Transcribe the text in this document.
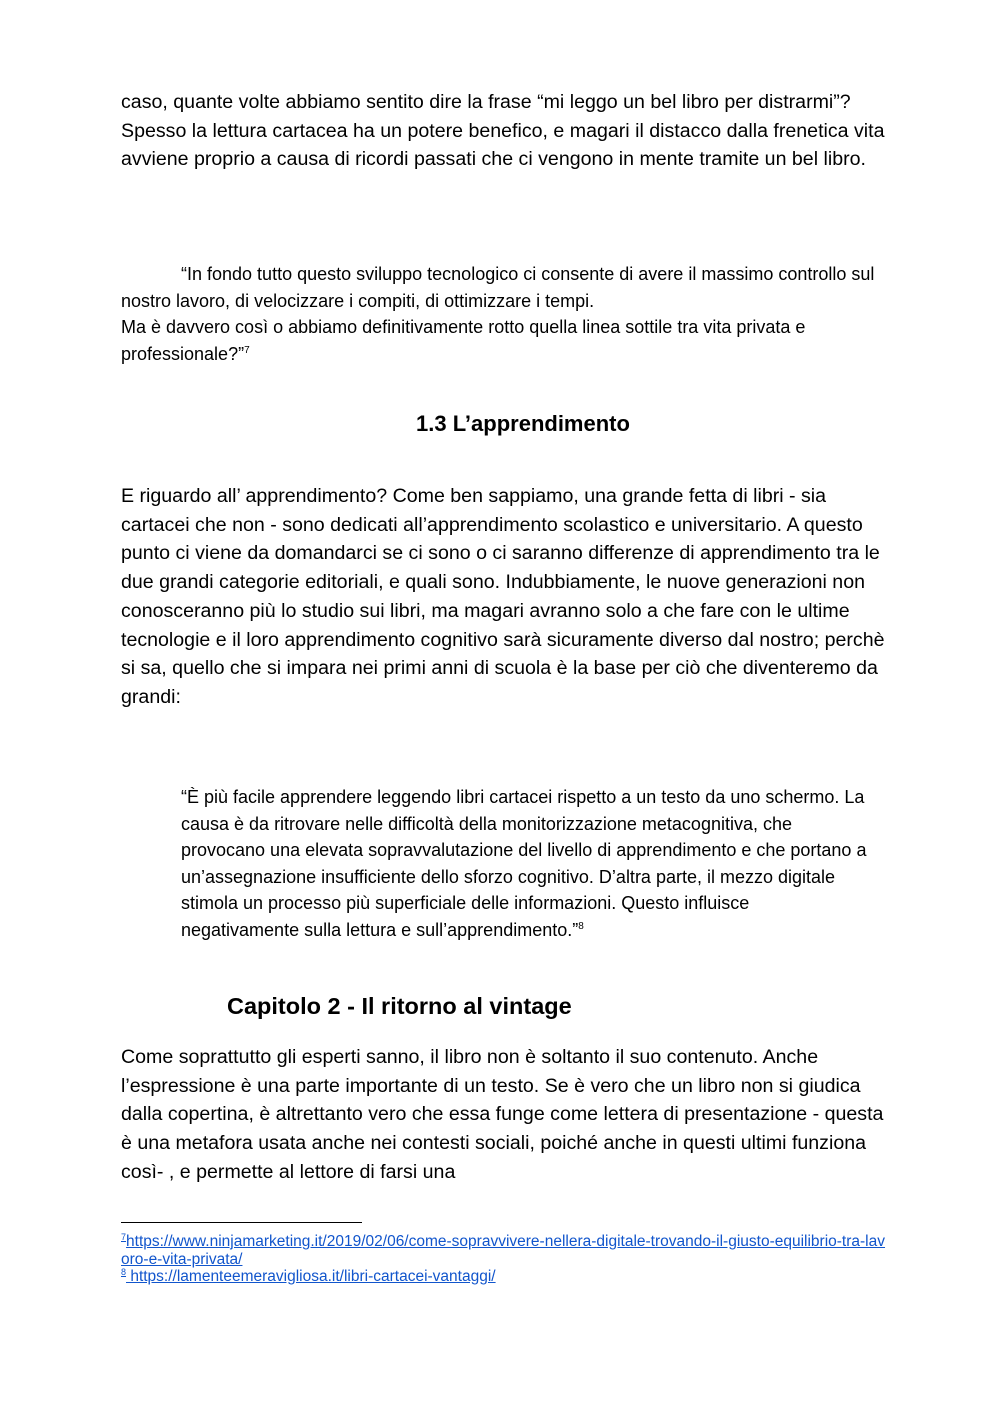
caso, quante volte abbiamo sentito dire la frase “mi leggo un bel libro per distrarmi”?
Spesso la lettura cartacea ha un potere benefico, e magari il distacco dalla frenetica vita avviene proprio a causa di ricordi passati che ci vengono in mente tramite un bel libro.

“In fondo tutto questo sviluppo tecnologico ci consente di avere il massimo controllo sul nostro lavoro, di velocizzare i compiti, di ottimizzare i tempi.
Ma è davvero così o abbiamo definitivamente rotto quella linea sottile tra vita privata e professionale?”$^7$

1.3 L’apprendimento

E riguardo all’ apprendimento? Come ben sappiamo, una grande fetta di libri - sia cartacei che non - sono dedicati all’apprendimento scolastico e universitario. A questo punto ci viene da domandarci se ci sono o ci saranno differenze di apprendimento tra le due grandi categorie editoriali, e quali sono. Indubbiamente, le nuove generazioni non conosceranno più lo studio sui libri, ma magari avranno solo a che fare con le ultime tecnologie e il loro apprendimento cognitivo sarà sicuramente diverso dal nostro; perchè si sa, quello che si impara nei primi anni di scuola è la base per ciò che diventeremo da grandi:

“È più facile apprendere leggendo libri cartacei rispetto a un testo da uno schermo. La causa è da ritrovare nelle difficoltà della monitorizzazione metacognitiva, che provocano una elevata sopravvalutazione del livello di apprendimento e che portano a un’assegnazione insufficiente dello sforzo cognitivo. D’altra parte, il mezzo digitale stimola un processo più superficiale delle informazioni. Questo influisce negativamente sulla lettura e sull’apprendimento.”$^8$

Capitolo 2 - Il ritorno al vintage

Come soprattutto gli esperti sanno, il libro non è soltanto il suo contenuto. Anche l’espressione è una parte importante di un testo. Se è vero che un libro non si giudica dalla copertina, è altrettanto vero che essa funge come lettera di presentazione - questa è una metafora usata anche nei contesti sociali, poiché anche in questi ultimi funziona così- , e permette al lettore di farsi una

$^7$https://www.ninjamarketing.it/2019/02/06/come-sopravvivere-nellera-digitale-trovando-il-giusto-equilibrio-tra-lavoro-e-vita-privata/
$^8$ https://lamenteemeravigliosa.it/libri-cartacei-vantaggi/
